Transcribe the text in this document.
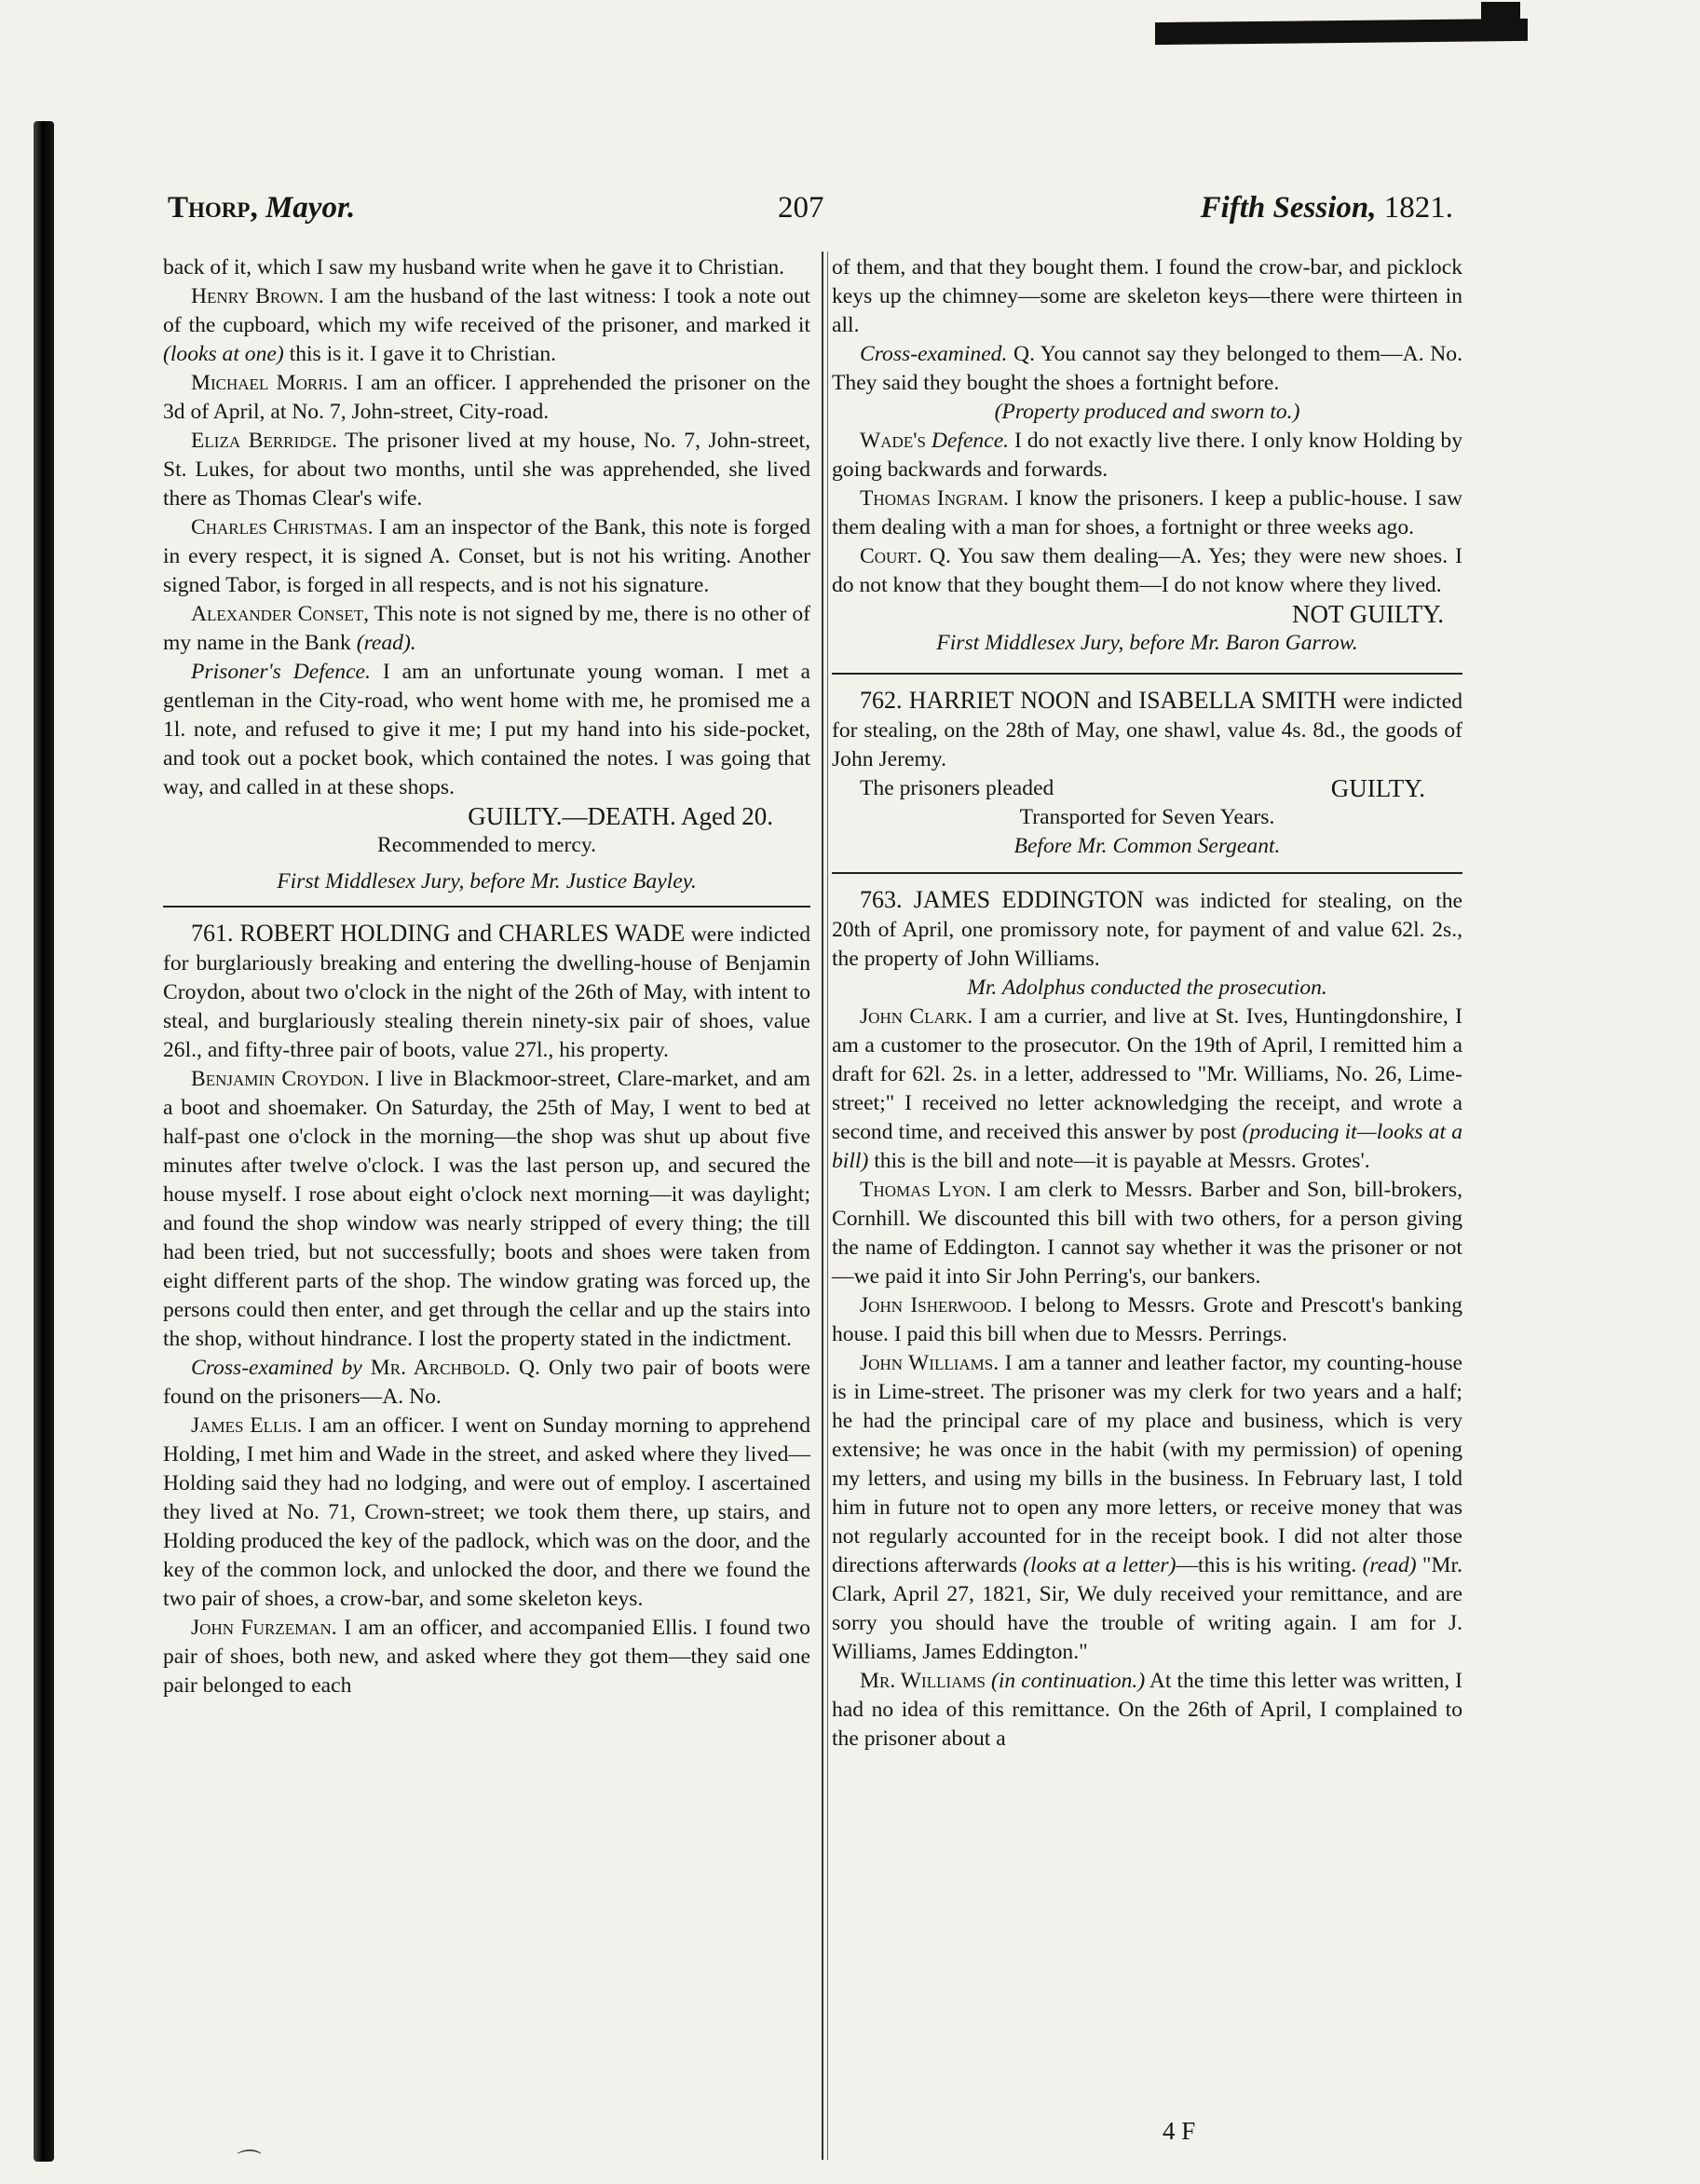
Thorp, Mayor.	207	Fifth Session, 1821.

back of it, which I saw my husband write when he gave it to Christian.

Henry Brown. I am the husband of the last witness: I took a note out of the cupboard, which my wife received of the prisoner, and marked it (looks at one) this is it. I gave it to Christian.

Michael Morris. I am an officer. I apprehended the prisoner on the 3d of April, at No. 7, John-street, City-road.

Eliza Berridge. The prisoner lived at my house, No. 7, John-street, St. Lukes, for about two months, until she was apprehended, she lived there as Thomas Clear's wife.

Charles Christmas. I am an inspector of the Bank, this note is forged in every respect, it is signed A. Conset, but is not his writing. Another signed Tabor, is forged in all respects, and is not his signature.

Alexander Conset, This note is not signed by me, there is no other of my name in the Bank (read).

Prisoner's Defence. I am an unfortunate young woman. I met a gentleman in the City-road, who went home with me, he promised me a 1l. note, and refused to give it me; I put my hand into his side-pocket, and took out a pocket book, which contained the notes. I was going that way, and called in at these shops.

GUILTY.—DEATH. Aged 20.

Recommended to mercy.

First Middlesex Jury, before Mr. Justice Bayley.

761. ROBERT HOLDING and CHARLES WADE were indicted for burglariously breaking and entering the dwelling-house of Benjamin Croydon, about two o'clock in the night of the 26th of May, with intent to steal, and burglariously stealing therein ninety-six pair of shoes, value 26l., and fifty-three pair of boots, value 27l., his property.

Benjamin Croydon. I live in Blackmoor-street, Clare-market, and am a boot and shoemaker. On Saturday, the 25th of May, I went to bed at half-past one o'clock in the morning—the shop was shut up about five minutes after twelve o'clock. I was the last person up, and secured the house myself. I rose about eight o'clock next morning—it was daylight; and found the shop window was nearly stripped of every thing; the till had been tried, but not successfully; boots and shoes were taken from eight different parts of the shop. The window grating was forced up, the persons could then enter, and get through the cellar and up the stairs into the shop, without hindrance. I lost the property stated in the indictment.

Cross-examined by Mr. Archbold. Q. Only two pair of boots were found on the prisoners—A. No.

James Ellis. I am an officer. I went on Sunday morning to apprehend Holding, I met him and Wade in the street, and asked where they lived—Holding said they had no lodging, and were out of employ. I ascertained they lived at No. 71, Crown-street; we took them there, up stairs, and Holding produced the key of the padlock, which was on the door, and the key of the common lock, and unlocked the door, and there we found the two pair of shoes, a crow-bar, and some skeleton keys.

John Furzeman. I am an officer, and accompanied Ellis. I found two pair of shoes, both new, and asked where they got them—they said one pair belonged to each

of them, and that they bought them. I found the crow-bar, and picklock keys up the chimney—some are skeleton keys—there were thirteen in all.

Cross-examined. Q. You cannot say they belonged to them—A. No. They said they bought the shoes a fortnight before.

(Property produced and sworn to.)

Wade's Defence. I do not exactly live there. I only know Holding by going backwards and forwards.

Thomas Ingram. I know the prisoners. I keep a public-house. I saw them dealing with a man for shoes, a fortnight or three weeks ago.

Court. Q. You saw them dealing—A. Yes; they were new shoes. I do not know that they bought them—I do not know where they lived.

NOT GUILTY.

First Middlesex Jury, before Mr. Baron Garrow.

762. HARRIET NOON and ISABELLA SMITH were indicted for stealing, on the 28th of May, one shawl, value 4s. 8d., the goods of John Jeremy.

The prisoners pleaded	GUILTY.

Transported for Seven Years.

Before Mr. Common Sergeant.

763. JAMES EDDINGTON was indicted for stealing, on the 20th of April, one promissory note, for payment of and value 62l. 2s., the property of John Williams.

Mr. Adolphus conducted the prosecution.

John Clark. I am a currier, and live at St. Ives, Huntingdonshire, I am a customer to the prosecutor. On the 19th of April, I remitted him a draft for 62l. 2s. in a letter, addressed to "Mr. Williams, No. 26, Lime-street;" I received no letter acknowledging the receipt, and wrote a second time, and received this answer by post (producing it—looks at a bill) this is the bill and note—it is payable at Messrs. Grotes'.

Thomas Lyon. I am clerk to Messrs. Barber and Son, bill-brokers, Cornhill. We discounted this bill with two others, for a person giving the name of Eddington. I cannot say whether it was the prisoner or not—we paid it into Sir John Perring's, our bankers.

John Isherwood. I belong to Messrs. Grote and Prescott's banking house. I paid this bill when due to Messrs. Perrings.

John Williams. I am a tanner and leather factor, my counting-house is in Lime-street. The prisoner was my clerk for two years and a half; he had the principal care of my place and business, which is very extensive; he was once in the habit (with my permission) of opening my letters, and using my bills in the business. In February last, I told him in future not to open any more letters, or receive money that was not regularly accounted for in the receipt book. I did not alter those directions afterwards (looks at a letter)—this is his writing. (read) "Mr. Clark, April 27, 1821, Sir, We duly received your remittance, and are sorry you should have the trouble of writing again. I am for J. Williams, James Eddington."

Mr. Williams (in continuation.) At the time this letter was written, I had no idea of this remittance. On the 26th of April, I complained to the prisoner about a

4 F
⌒
